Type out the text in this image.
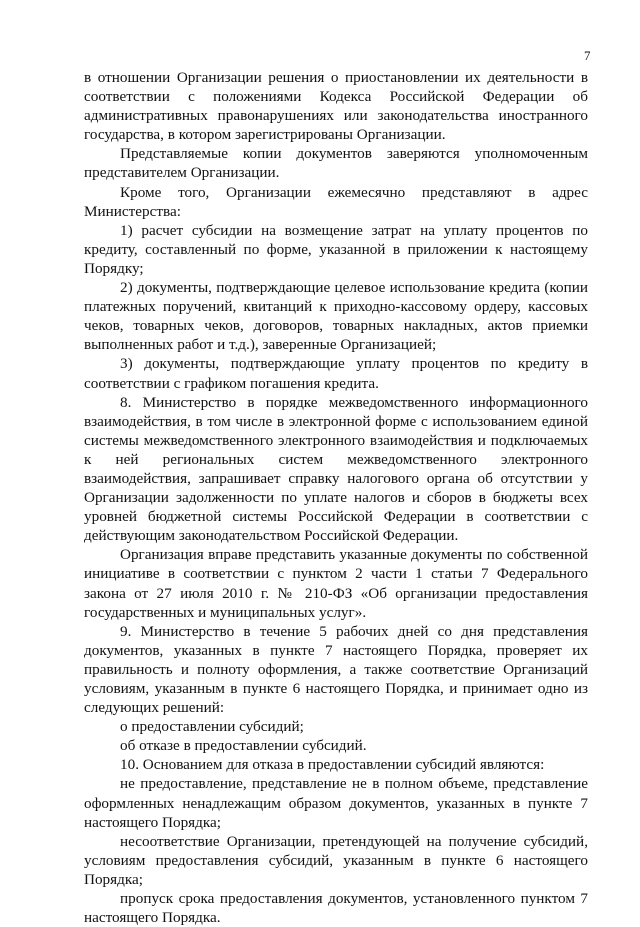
7

в отношении Организации решения о приостановлении их деятельности в соответствии с положениями Кодекса Российской Федерации об административных правонарушениях или законодательства иностранного государства, в котором зарегистрированы Организации.

Представляемые копии документов заверяются уполномоченным представителем Организации.

Кроме того, Организации ежемесячно представляют в адрес Министерства:

1) расчет субсидии на возмещение затрат на уплату процентов по кредиту, составленный по форме, указанной в приложении к настоящему Порядку;

2) документы, подтверждающие целевое использование кредита (копии платежных поручений, квитанций к приходно-кассовому ордеру, кассовых чеков, товарных чеков, договоров, товарных накладных, актов приемки выполненных работ и т.д.), заверенные Организацией;

3) документы, подтверждающие уплату процентов по кредиту в соответствии с графиком погашения кредита.

8. Министерство в порядке межведомственного информационного взаимодействия, в том числе в электронной форме с использованием единой системы межведомственного электронного взаимодействия и подключаемых к ней региональных систем межведомственного электронного взаимодействия, запрашивает справку налогового органа об отсутствии у Организации задолженности по уплате налогов и сборов в бюджеты всех уровней бюджетной системы Российской Федерации в соответствии с действующим законодательством Российской Федерации.

Организация вправе представить указанные документы по собственной инициативе в соответствии с пунктом 2 части 1 статьи 7 Федерального закона от 27 июля 2010 г. № 210-ФЗ «Об организации предоставления государственных и муниципальных услуг».

9. Министерство в течение 5 рабочих дней со дня представления документов, указанных в пункте 7 настоящего Порядка, проверяет их правильность и полноту оформления, а также соответствие Организаций условиям, указанным в пункте 6 настоящего Порядка, и принимает одно из следующих решений:

о предоставлении субсидий;

об отказе в предоставлении субсидий.

10. Основанием для отказа в предоставлении субсидий являются:

не предоставление, представление не в полном объеме, представление оформленных ненадлежащим образом документов, указанных в пункте 7 настоящего Порядка;

несоответствие Организации, претендующей на получение субсидий, условиям предоставления субсидий, указанным в пункте 6 настоящего Порядка;

пропуск срока предоставления документов, установленного пунктом 7 настоящего Порядка.
